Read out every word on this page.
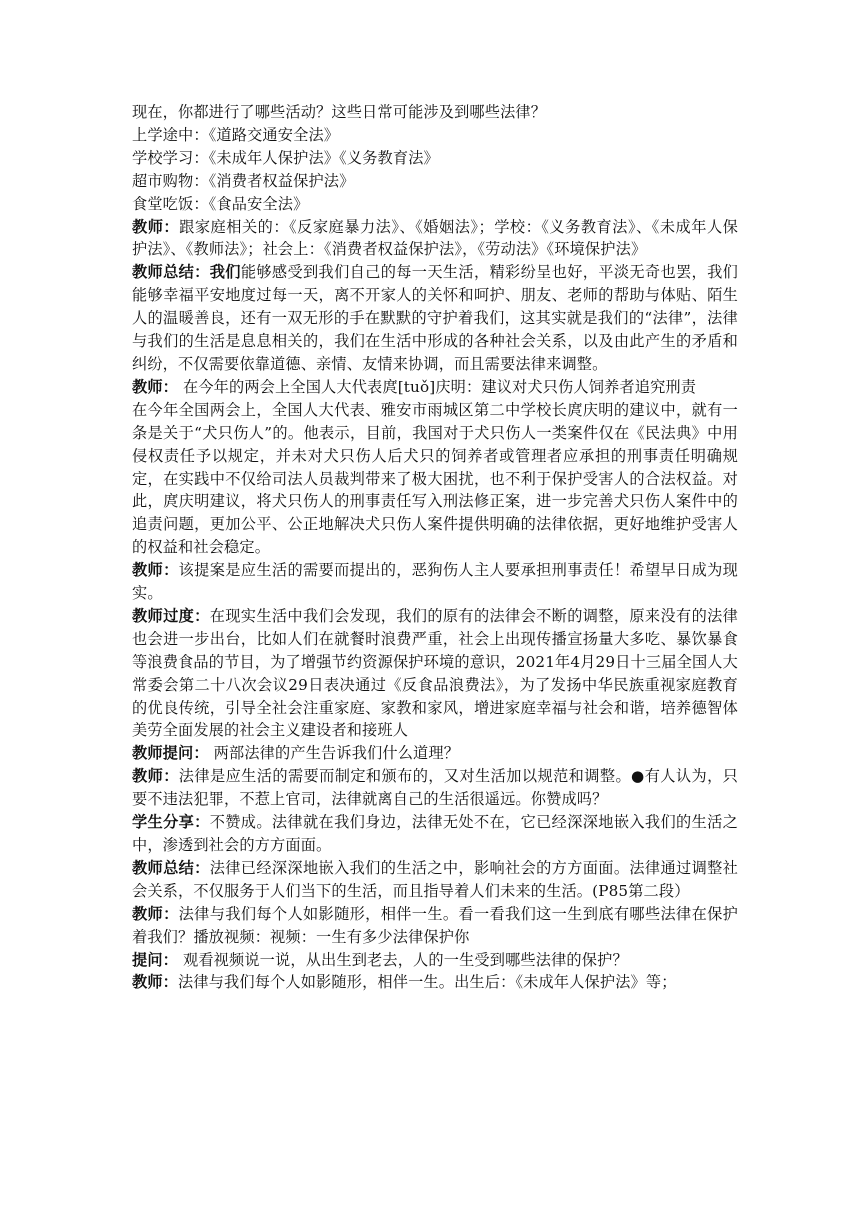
现在，你都进行了哪些活动？这些日常可能涉及到哪些法律？

上学途中：《道路交通安全法》

学校学习：《未成年人保护法》《义务教育法》

超市购物：《消费者权益保护法》

食堂吃饭：《食品安全法》

教师：跟家庭相关的：《反家庭暴力法》、《婚姻法》；学校：《义务教育法》、《未成年人保护法》、《教师法》；社会上：《消费者权益保护法》，《劳动法》《环境保护法》

教师总结：我们能够感受到我们自己的每一天生活，精彩纷呈也好，平淡无奇也罢，我们能够幸福平安地度过每一天，离不开家人的关怀和呵护、朋友、老师的帮助与体贴、陌生人的温暖善良，还有一双无形的手在默默的守护着我们，这其实就是我们的“法律”，法律与我们的生活是息息相关的，我们在生活中形成的各种社会关系，以及由此产生的矛盾和纠纷，不仅需要依靠道德、亲情、友情来协调，而且需要法律来调整。

教师： 在今年的两会上全国人大代表庹[tuǒ]庆明：建议对犬只伤人饲养者追究刑责

在今年全国两会上，全国人大代表、雅安市雨城区第二中学校长庹庆明的建议中，就有一条是关于“犬只伤人”的。他表示，目前，我国对于犬只伤人一类案件仅在《民法典》中用侵权责任予以规定，并未对犬只伤人后犬只的饲养者或管理者应承担的刑事责任明确规定，在实践中不仅给司法人员裁判带来了极大困扰，也不利于保护受害人的合法权益。对此，庹庆明建议，将犬只伤人的刑事责任写入刑法修正案，进一步完善犬只伤人案件中的追责问题，更加公平、公正地解决犬只伤人案件提供明确的法律依据，更好地维护受害人的权益和社会稳定。

教师：该提案是应生活的需要而提出的，恶狗伤人主人要承担刑事责任！希望早日成为现实。

教师过度：在现实生活中我们会发现，我们的原有的法律会不断的调整，原来没有的法律也会进一步出台，比如人们在就餐时浪费严重，社会上出现传播宣扬量大多吃、暴饮暴食等浪费食品的节目，为了增强节约资源保护环境的意识，2021年4月29日十三届全国人大常委会第二十八次会议29日表决通过《反食品浪费法》，为了发扬中华民族重视家庭教育的优良传统，引导全社会注重家庭、家教和家风，增进家庭幸福与社会和谐，培养德智体美劳全面发展的社会主义建设者和接班人

教师提问： 两部法律的产生告诉我们什么道理？

教师：法律是应生活的需要而制定和颁布的，又对生活加以规范和调整。●有人认为，只要不违法犯罪，不惹上官司，法律就离自己的生活很遥远。你赞成吗？

学生分享：不赞成。法律就在我们身边，法律无处不在，它已经深深地嵌入我们的生活之中，渗透到社会的方方面面。

教师总结：法律已经深深地嵌入我们的生活之中，影响社会的方方面面。法律通过调整社会关系，不仅服务于人们当下的生活，而且指导着人们未来的生活。(P85第二段）

教师：法律与我们每个人如影随形，相伴一生。看一看我们这一生到底有哪些法律在保护着我们？播放视频：视频：一生有多少法律保护你

提问： 观看视频说一说，从出生到老去，人的一生受到哪些法律的保护？

教师：法律与我们每个人如影随形，相伴一生。出生后：《未成年人保护法》等；
